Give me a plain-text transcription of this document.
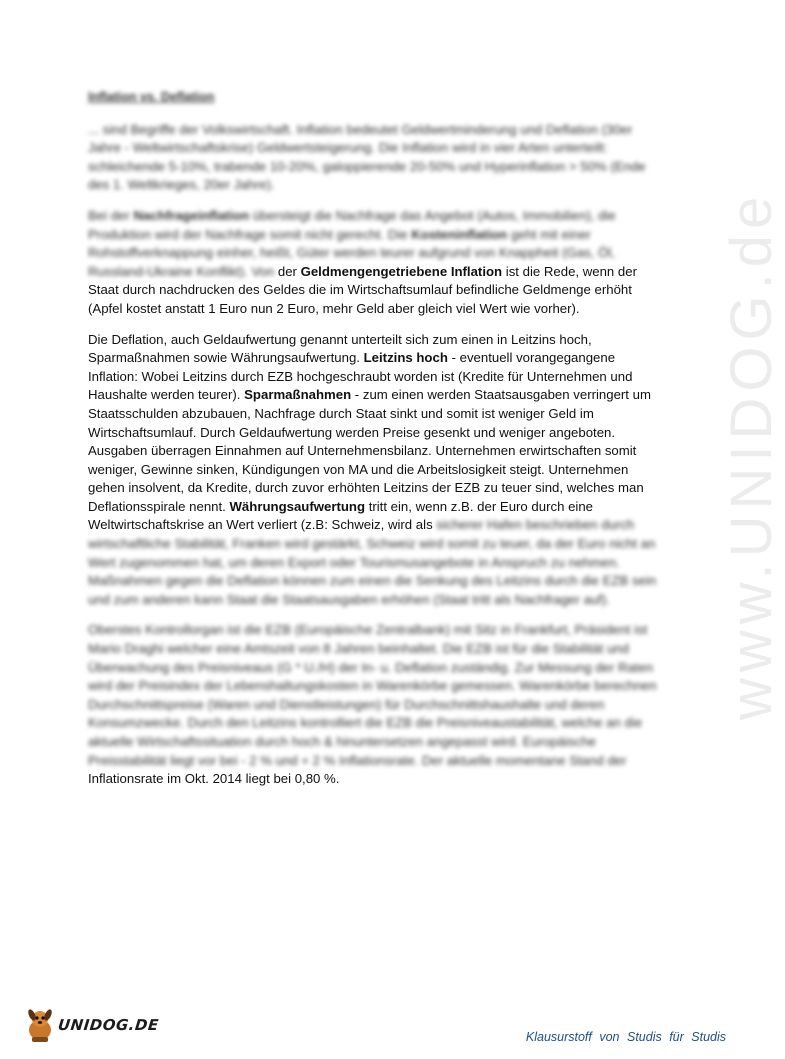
www.UNIDOG.de
Inflation vs. Deflation

... sind Begriffe der Volkswirtschaft. Inflation bedeutet Geldwertminderung und Deflation (30er Jahre - Weltwirtschaftskrise) Geldwertsteigerung. Die Inflation wird in vier Arten unterteilt: schleichende 5-10%, trabende 10-20%, galoppierende 20-50% und Hyperinflation > 50% (Ende des 1. Weltkrieges, 20er Jahre).

Bei der Nachfrageinflation übersteigt die Nachfrage das Angebot (Autos, Immobilien), die Produktion wird der Nachfrage somit nicht gerecht. Die Kosteninflation geht mit einer Rohstoffverknappung einher, heißt, Güter werden teurer aufgrund von Knappheit (Gas, Öl, Russland-Ukraine Konflikt). Von der Geldmengengetriebene Inflation ist die Rede, wenn der Staat durch nachdrucken des Geldes die im Wirtschaftsumlauf befindliche Geldmenge erhöht (Apfel kostet anstatt 1 Euro nun 2 Euro, mehr Geld aber gleich viel Wert wie vorher).

Die Deflation, auch Geldaufwertung genannt unterteilt sich zum einen in Leitzins hoch, Sparmaßnahmen sowie Währungsaufwertung. Leitzins hoch - eventuell vorangegangene Inflation: Wobei Leitzins durch EZB hochgeschraubt worden ist (Kredite für Unternehmen und Haushalte werden teurer). Sparmaßnahmen - zum einen werden Staatsausgaben verringert um Staatsschulden abzubauen, Nachfrage durch Staat sinkt und somit ist weniger Geld im Wirtschaftsumlauf. Durch Geldaufwertung werden Preise gesenkt und weniger angeboten. Ausgaben überragen Einnahmen auf Unternehmensbilanz. Unternehmen erwirtschaften somit weniger, Gewinne sinken, Kündigungen von MA und die Arbeitslosigkeit steigt. Unternehmen gehen insolvent, da Kredite, durch zuvor erhöhten Leitzins der EZB zu teuer sind, welches man Deflationsspirale nennt. Währungsaufwertung tritt ein, wenn z.B. der Euro durch eine Weltwirtschaftskrise an Wert verliert (z.B: Schweiz, wird als sicherer Hafen beschrieben durch wirtschaftliche Stabilität, Franken wird gestärkt, Schweiz wird somit zu teuer, da der Euro nicht an Wert zugenommen hat, um deren Export oder Tourismusangebote in Anspruch zu nehmen. Maßnahmen gegen die Deflation können zum einen die Senkung des Leitzins durch die EZB sein und zum anderen kann Staat die Staatsausgaben erhöhen (Staat tritt als Nachfrager auf).

Oberstes Kontrollorgan ist die EZB (Europäische Zentralbank) mit Sitz in Frankfurt, Präsident ist Mario Draghi welcher eine Amtszeit von 8 Jahren beinhaltet. Die EZB ist für die Stabilität und Überwachung des Preisniveaus (G * U./H) der In- u. Deflation zuständig. Zur Messung der Raten wird der Preisindex der Lebenshaltungskosten in Warenkörbe gemessen. Warenkörbe berechnen Durchschnittspreise (Waren und Dienstleistungen) für Durchschnittshaushalte und deren Konsumzwecke. Durch den Leitzins kontrolliert die EZB die Preisniveaustabilität, welche an die aktuelle Wirtschaftssituation durch hoch & hinuntersetzen angepasst wird. Europäische Preisstabilität liegt vor bei - 2 % und + 2 % Inflationsrate. Der aktuelle momentane Stand der Inflationsrate im Okt. 2014 liegt bei 0,80 %.

UNIDOG.DE
Klausurstoff von Studis für Studis
